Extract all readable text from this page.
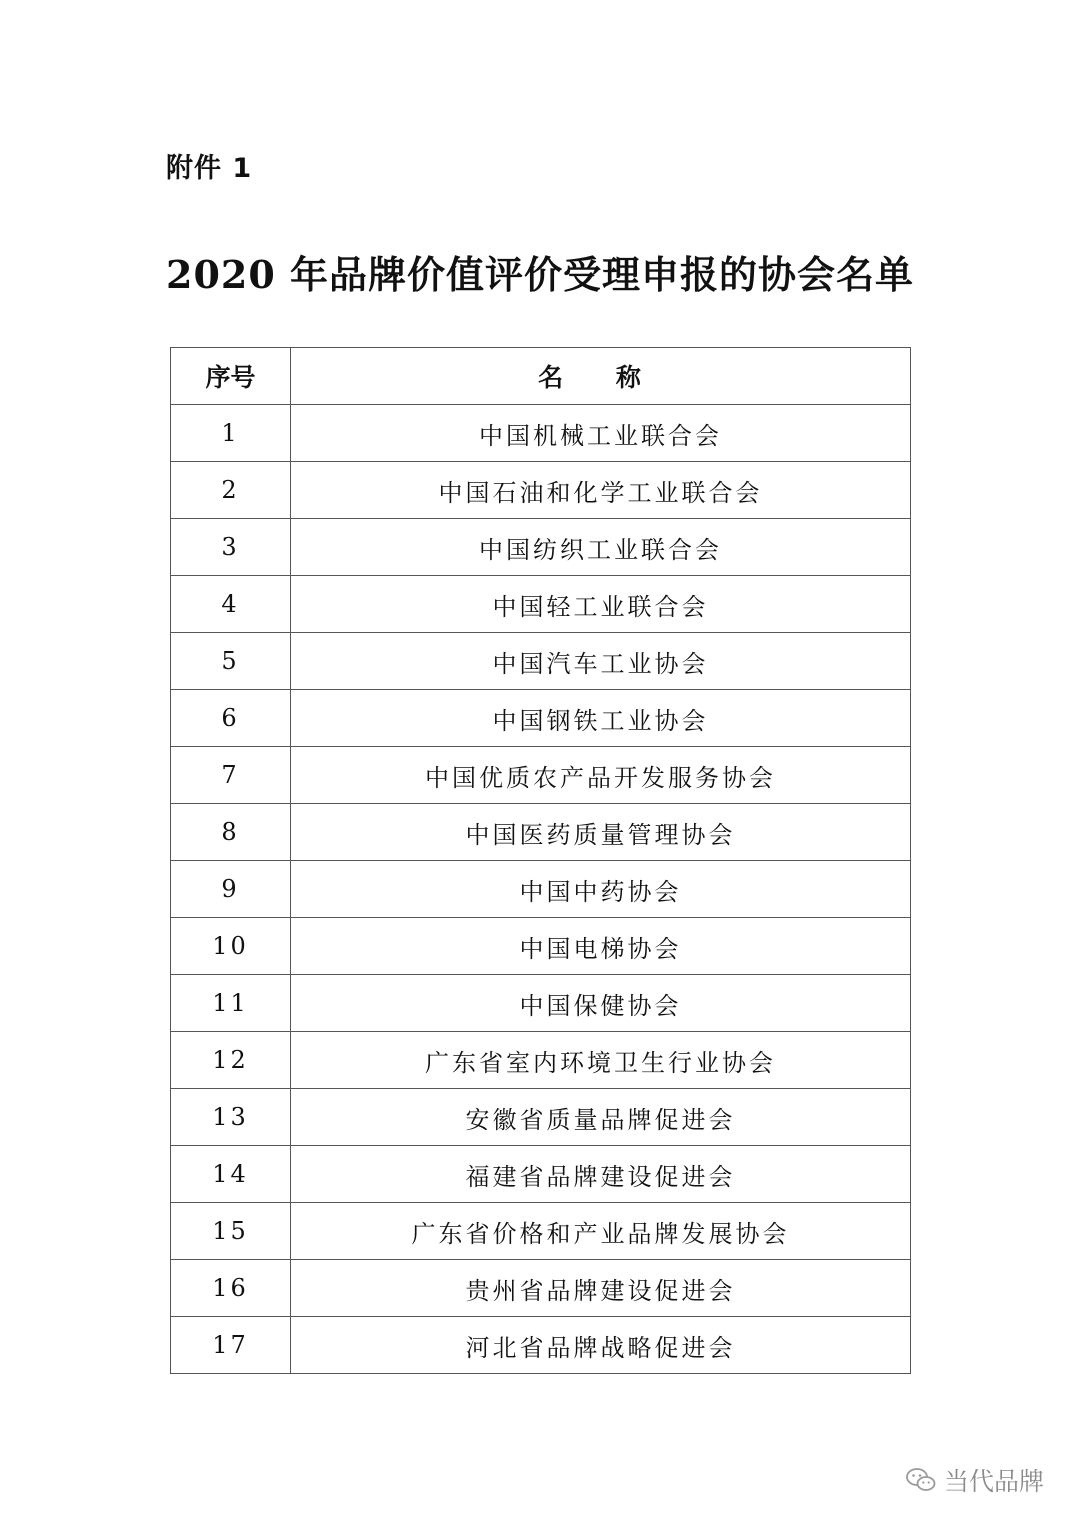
附件 1
2020 年品牌价值评价受理申报的协会名单
序号	名 称
1	中国机械工业联合会
2	中国石油和化学工业联合会
3	中国纺织工业联合会
4	中国轻工业联合会
5	中国汽车工业协会
6	中国钢铁工业协会
7	中国优质农产品开发服务协会
8	中国医药质量管理协会
9	中国中药协会
10	中国电梯协会
11	中国保健协会
12	广东省室内环境卫生行业协会
13	安徽省质量品牌促进会
14	福建省品牌建设促进会
15	广东省价格和产业品牌发展协会
16	贵州省品牌建设促进会
17	河北省品牌战略促进会
当代品牌
